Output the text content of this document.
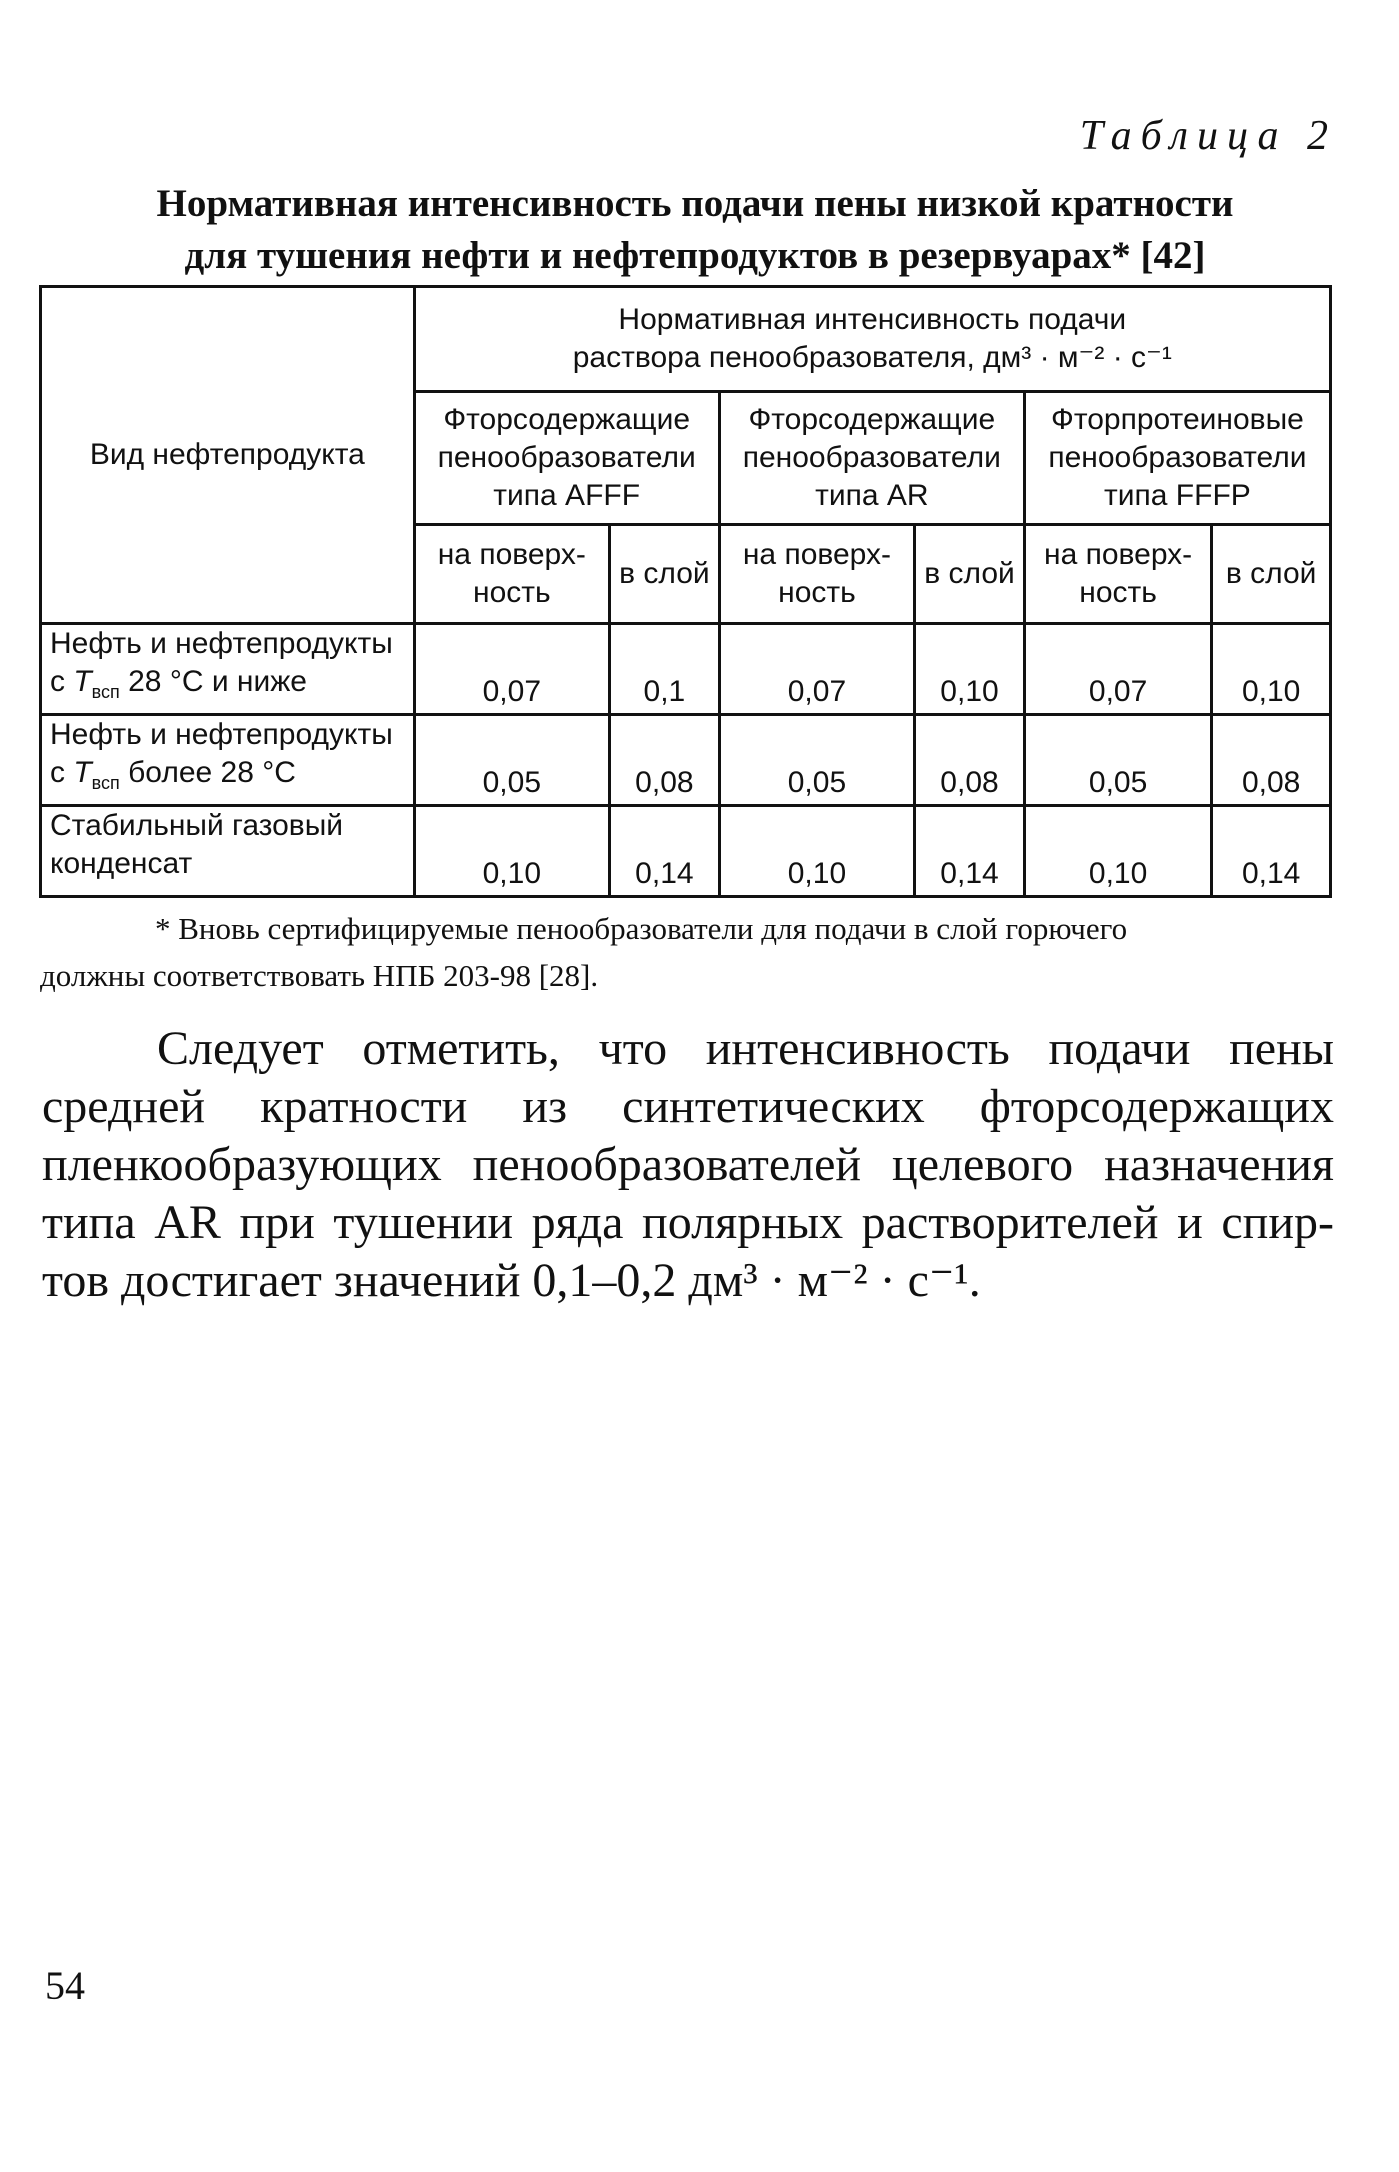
Таблица 2
Нормативная интенсивность подачи пены низкой кратности
для тушения нефти и нефтепродуктов в резервуарах* [42]
Вид нефтепродукта	Нормативная интенсивность подачи
раствора пенообразователя, дм³ · м⁻² · с⁻¹					

	Фторсодержащие
пенообразователи
типа AFFF		Фторсодержащие
пенообразователи
типа AR		Фторпротеиновые
пенообразователи
типа FFFP	

	на поверх-
ность	в слой	на поверх-
ность	в слой	на поверх-
ность	в слой

Нефть и нефтепродукты
с $T_{всп}$ 28 °С и ниже	0,07	0,1	0,07	0,10	0,07	0,10

Нефть и нефтепродукты
с $T_{всп}$ более 28 °С	0,05	0,08	0,05	0,08	0,05	0,08

Стабильный газовый
конденсат	0,10	0,14	0,10	0,14	0,10	0,14
* Вновь сертифицируемые пенообразователи для подачи в слой горючего
должны соответствовать НПБ 203-98 [28].
Следует отметить, что интенсивность подачи пены
средней кратности из синтетических фторсодержащих
пленкообразующих пенообразователей целевого назначения
типа AR при тушении ряда полярных растворителей и спир-
тов достигает значений 0,1–0,2 дм³ · м⁻² · с⁻¹.
54
